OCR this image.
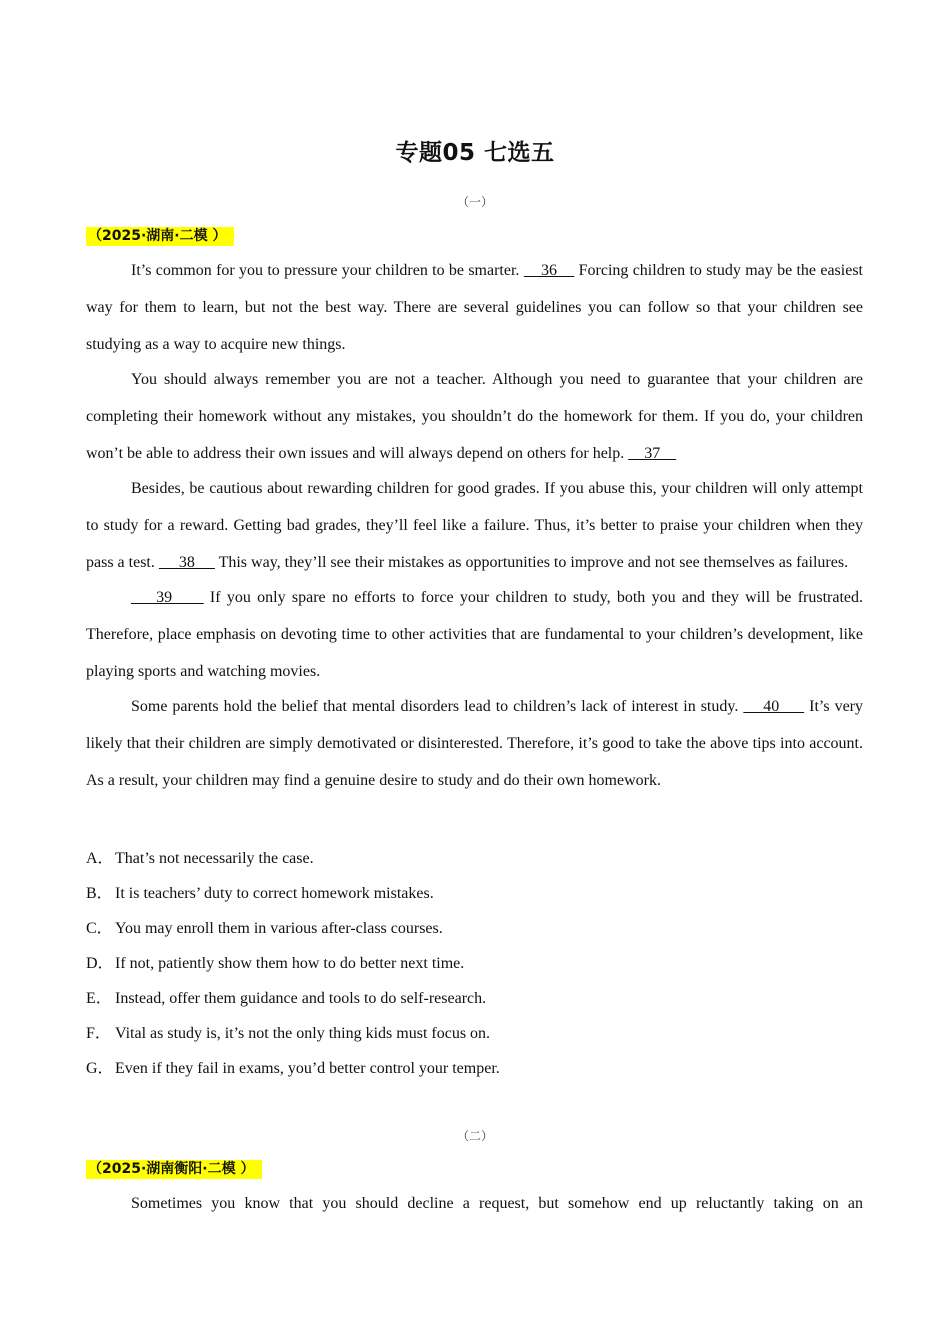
专题05 七选五

（一）

（2025·湖南·二模 ）

It’s common for you to pressure your children to be smarter.     36     Forcing children to study may be the easiest way for them to learn, but not the best way. There are several guidelines you can follow so that your children see studying as a way to acquire new things.

You should always remember you are not a teacher. Although you need to guarantee that your children are completing their homework without any mistakes, you shouldn’t do the homework for them. If you do, your children won’t be able to address their own issues and will always depend on others for help.     37

Besides, be cautious about rewarding children for good grades. If you abuse this, your children will only attempt to study for a reward. Getting bad grades, they’ll feel like a failure. Thus, it’s better to praise your children when they pass a test.      38      This way, they’ll see their mistakes as opportunities to improve and not see themselves as failures.

39      If you only spare no efforts to force your children to study, both you and they will be frustrated. Therefore, place emphasis on devoting time to other activities that are fundamental to your children’s development, like playing sports and watching movies.

Some parents hold the belief that mental disorders lead to children’s lack of interest in study.     40      It’s very likely that their children are simply demotivated or disinterested. Therefore, it’s good to take the above tips into account. As a result, your children may find a genuine desire to study and do their own homework.

A．That’s not necessarily the case.
B． It is teachers’ duty to correct homework mistakes.
C． You may enroll them in various after-class courses.
D．If not, patiently show them how to do better next time.
E． Instead, offer them guidance and tools to do self-research.
F． Vital as study is, it’s not the only thing kids must focus on.
G．Even if they fail in exams, you’d better control your temper.

（二）

（2025·湖南衡阳·二模 ）

Sometimes you know that you should decline a request, but somehow end up reluctantly taking on an
